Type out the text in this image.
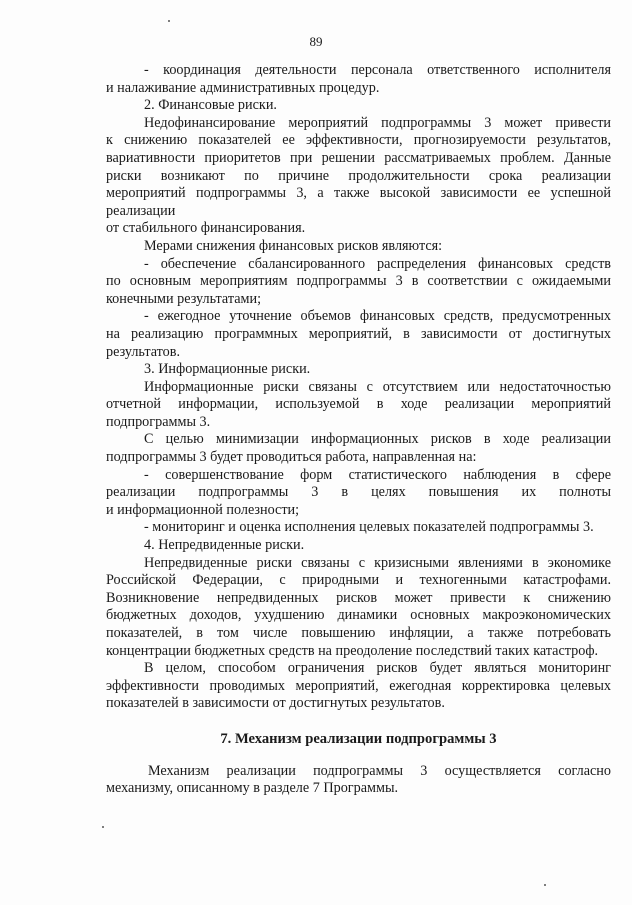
89
- координация деятельности персонала ответственного исполнителя
и налаживание административных процедур.
2. Финансовые риски.
Недофинансирование мероприятий подпрограммы 3 может привести
к снижению показателей ее эффективности, прогнозируемости результатов,
вариативности приоритетов при решении рассматриваемых проблем. Данные
риски возникают по причине продолжительности срока реализации
мероприятий подпрограммы 3, а также высокой зависимости ее успешной
реализации
от стабильного финансирования.
Мерами снижения финансовых рисков являются:
- обеспечение сбалансированного распределения финансовых средств
по основным мероприятиям подпрограммы 3 в соответствии с ожидаемыми
конечными результатами;
- ежегодное уточнение объемов финансовых средств, предусмотренных
на реализацию программных мероприятий, в зависимости от достигнутых
результатов.
3. Информационные риски.
Информационные риски связаны с отсутствием или недостаточностью
отчетной информации, используемой в ходе реализации мероприятий
подпрограммы 3.
С целью минимизации информационных рисков в ходе реализации
подпрограммы 3 будет проводиться работа, направленная на:
- совершенствование форм статистического наблюдения в сфере
реализации подпрограммы 3 в целях повышения их полноты
и информационной полезности;
- мониторинг и оценка исполнения целевых показателей подпрограммы 3.
4. Непредвиденные риски.
Непредвиденные риски связаны с кризисными явлениями в экономике
Российской Федерации, с природными и техногенными катастрофами.
Возникновение непредвиденных рисков может привести к снижению
бюджетных доходов, ухудшению динамики основных макроэкономических
показателей, в том числе повышению инфляции, а также потребовать
концентрации бюджетных средств на преодоление последствий таких катастроф.
В целом, способом ограничения рисков будет являться мониторинг
эффективности проводимых мероприятий, ежегодная корректировка целевых
показателей в зависимости от достигнутых результатов.
7. Механизм реализации подпрограммы 3
Механизм реализации подпрограммы 3 осуществляется согласно
механизму, описанному в разделе 7 Программы.
